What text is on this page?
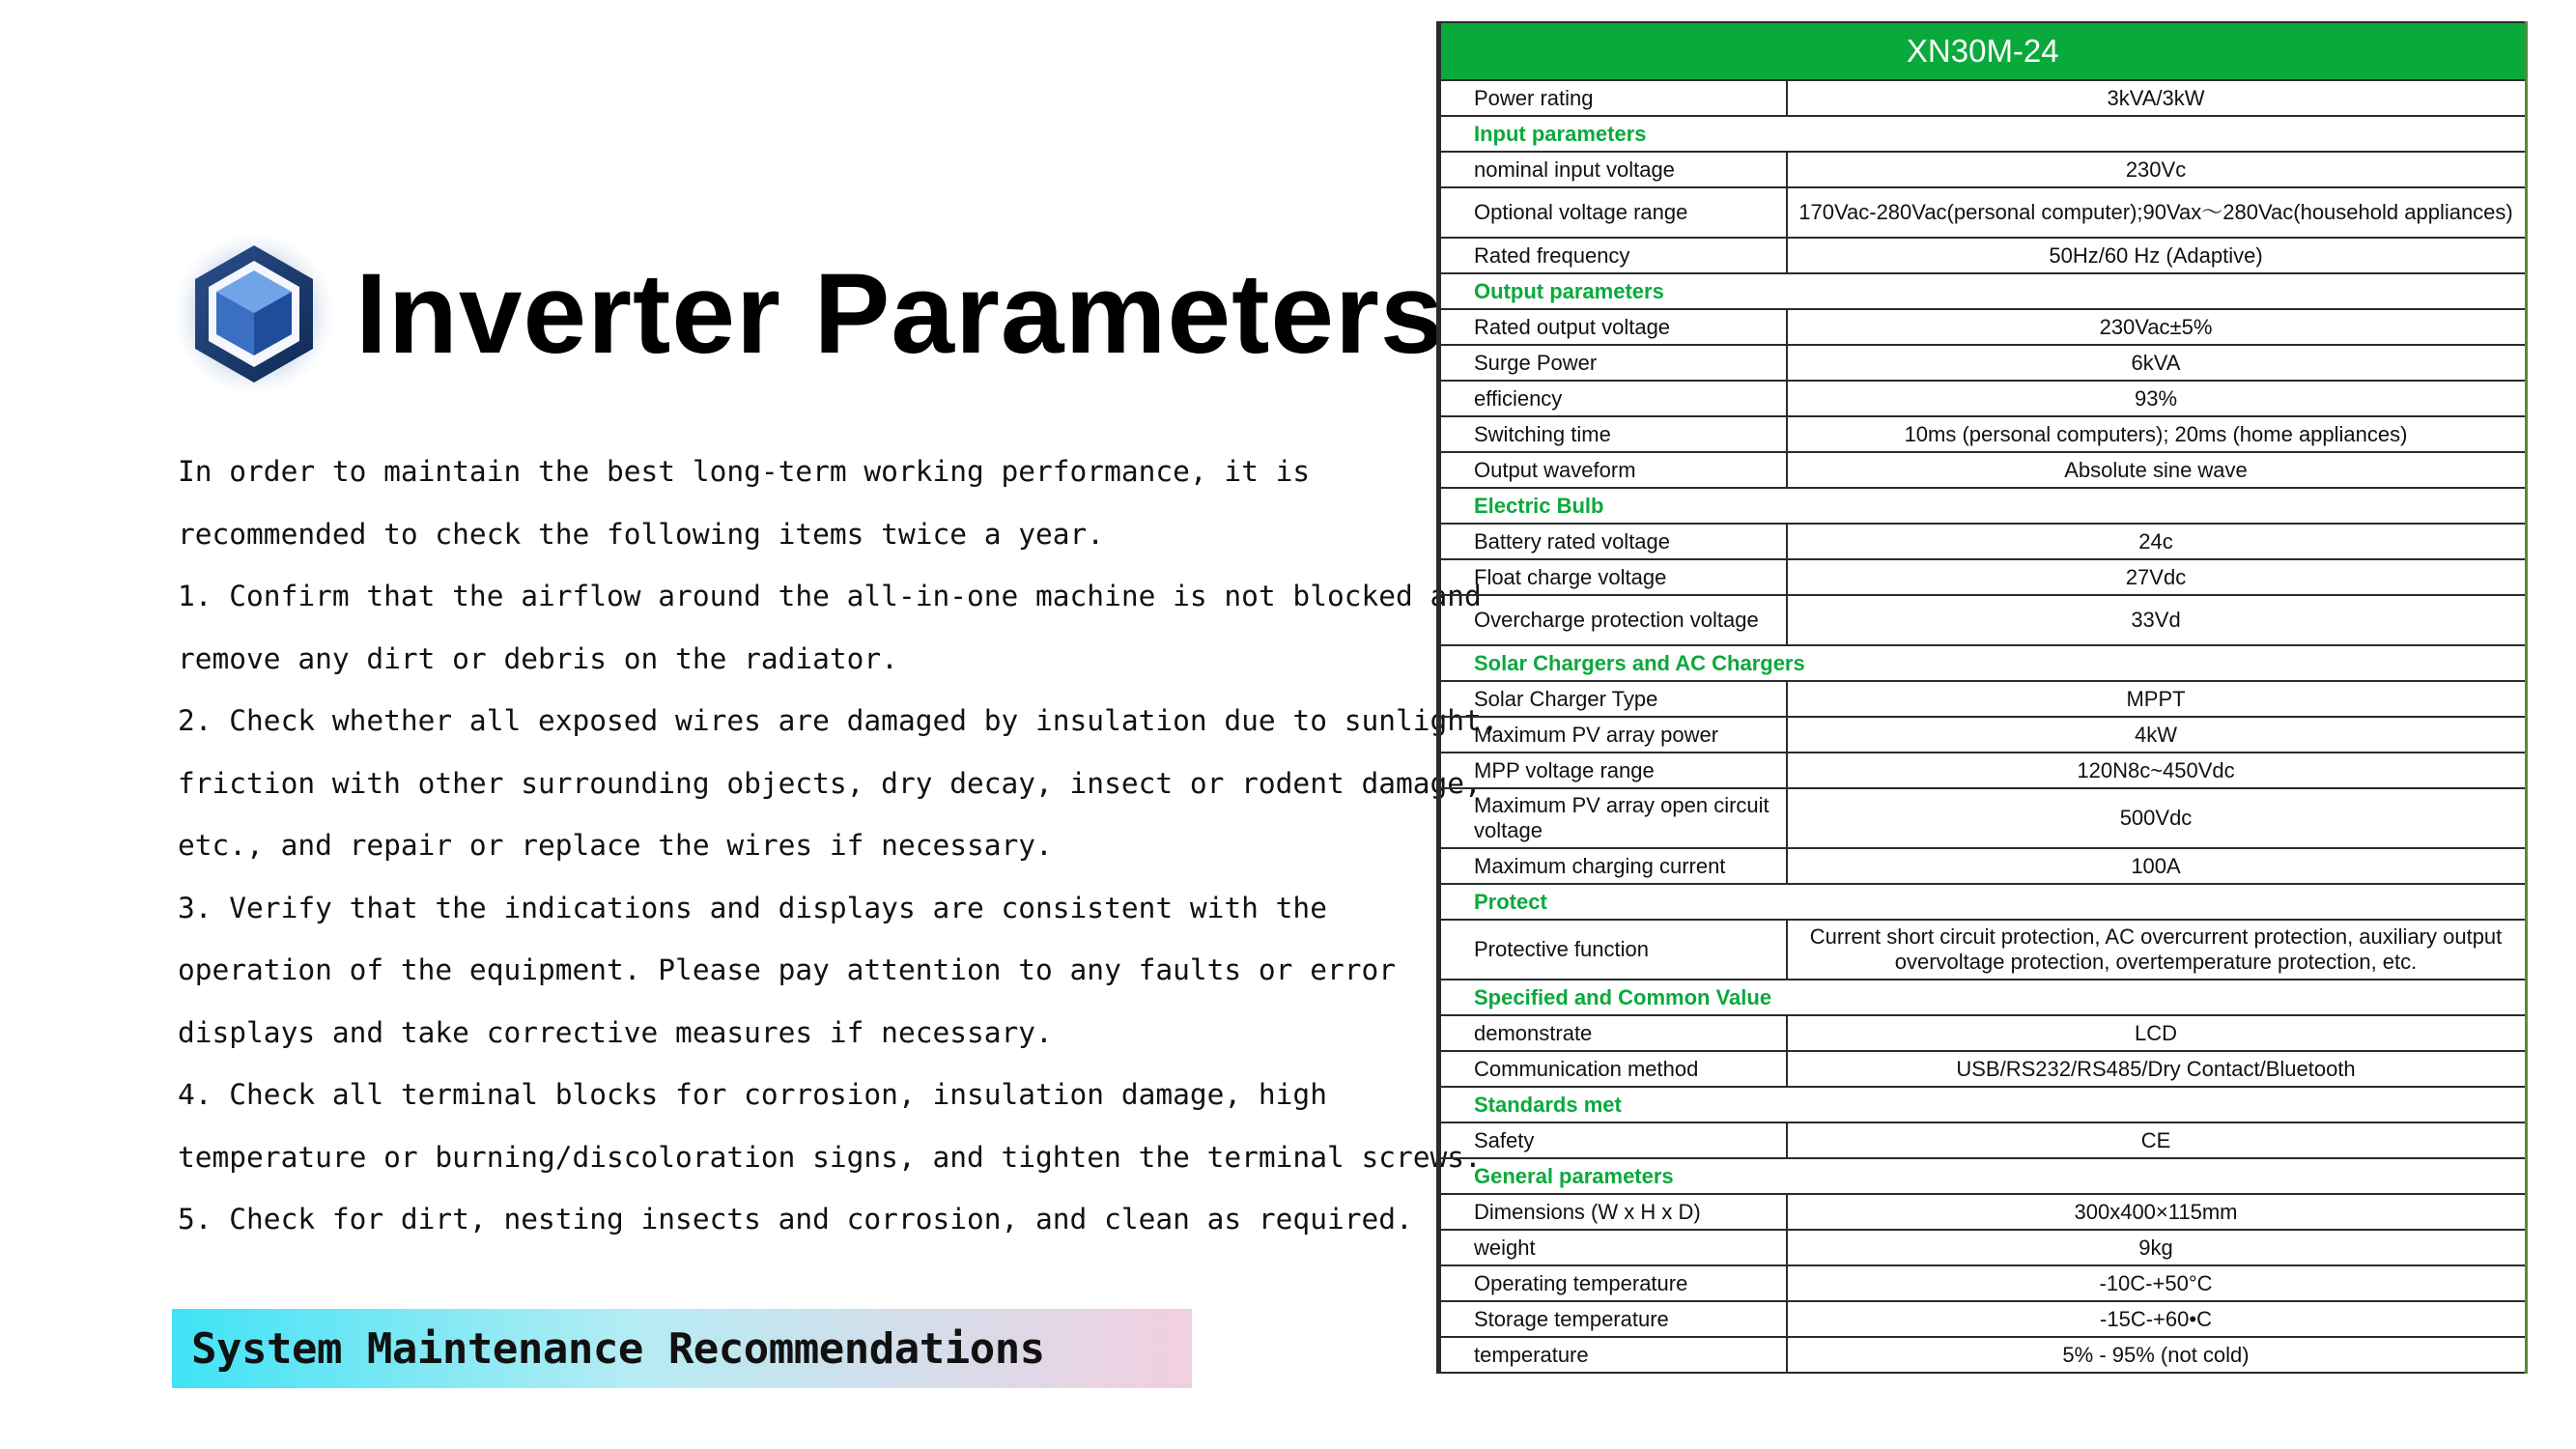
Inverter Parameters
In order to maintain the best long-term working performance, it is
recommended to check the following items twice a year.
1. Confirm that the airflow around the all-in-one machine is not blocked and
remove any dirt or debris on the radiator.
2. Check whether all exposed wires are damaged by insulation due to sunlight,
friction with other surrounding objects, dry decay, insect or rodent damage,
etc., and repair or replace the wires if necessary.
3. Verify that the indications and displays are consistent with the
operation of the equipment. Please pay attention to any faults or error
displays and take corrective measures if necessary.
4. Check all terminal blocks for corrosion, insulation damage, high
temperature or burning/discoloration signs, and tighten the terminal screws.
5. Check for dirt, nesting insects and corrosion, and clean as required.
System Maintenance Recommendations
XN30M-24	
Power rating	3kVA/3kW
Input parameters	
nominal input voltage	230Vc
Optional voltage range	170Vac-280Vac(personal computer);90Vax～280Vac(household appliances)
Rated frequency	50Hz/60 Hz (Adaptive)
Output parameters	
Rated output voltage	230Vac±5%
Surge Power	6kVA
efficiency	93%
Switching time	10ms (personal computers); 20ms (home appliances)
Output waveform	Absolute sine wave
Electric Bulb	
Battery rated voltage	24c
Float charge voltage	27Vdc
Overcharge protection voltage	33Vd
Solar Chargers and AC Chargers	
Solar Charger Type	MPPT
Maximum PV array power	4kW
MPP voltage range	120N8c~450Vdc
Maximum PV array open circuit voltage	500Vdc
Maximum charging current	100A
Protect	
Protective function	Current short circuit protection, AC overcurrent protection, auxiliary output overvoltage protection, overtemperature protection, etc.
Specified and Common Value	
demonstrate	LCD
Communication method	USB/RS232/RS485/Dry Contact/Bluetooth
Standards met	
Safety	CE
General parameters	
Dimensions (W x H x D)	300x400×115mm
weight	9kg
Operating temperature	-10C-+50°C
Storage temperature	-15C-+60•C
temperature	5% - 95% (not cold)
